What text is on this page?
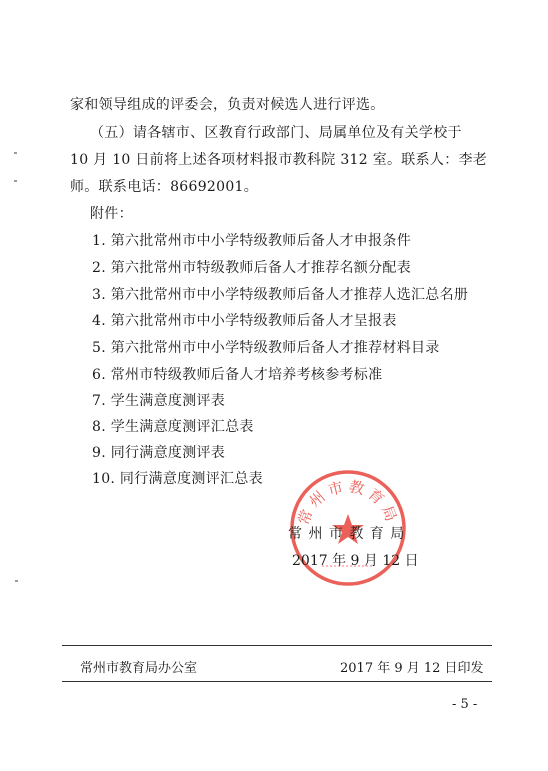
家和领导组成的评委会，负责对候选人进行评选。
（五）请各辖市、区教育行政部门、局属单位及有关学校于
10 月 10 日前将上述各项材料报市教科院 312 室。联系人：李老
师。联系电话：86692001。
附件：
1. 第六批常州市中小学特级教师后备人才申报条件
2. 第六批常州市特级教师后备人才推荐名额分配表
3. 第六批常州市中小学特级教师后备人才推荐人选汇总名册
4. 第六批常州市中小学特级教师后备人才呈报表
5. 第六批常州市中小学特级教师后备人才推荐材料目录
6. 常州市特级教师后备人才培养考核参考标准
7. 学生满意度测评表
8. 学生满意度测评汇总表
9. 同行满意度测评表
10. 同行满意度测评汇总表
常州市教育局
常 州 市 教 育 局
2017 年 9 月 12 日
常州市教育局办公室	2017 年 9 月 12 日印发
- 5 -
